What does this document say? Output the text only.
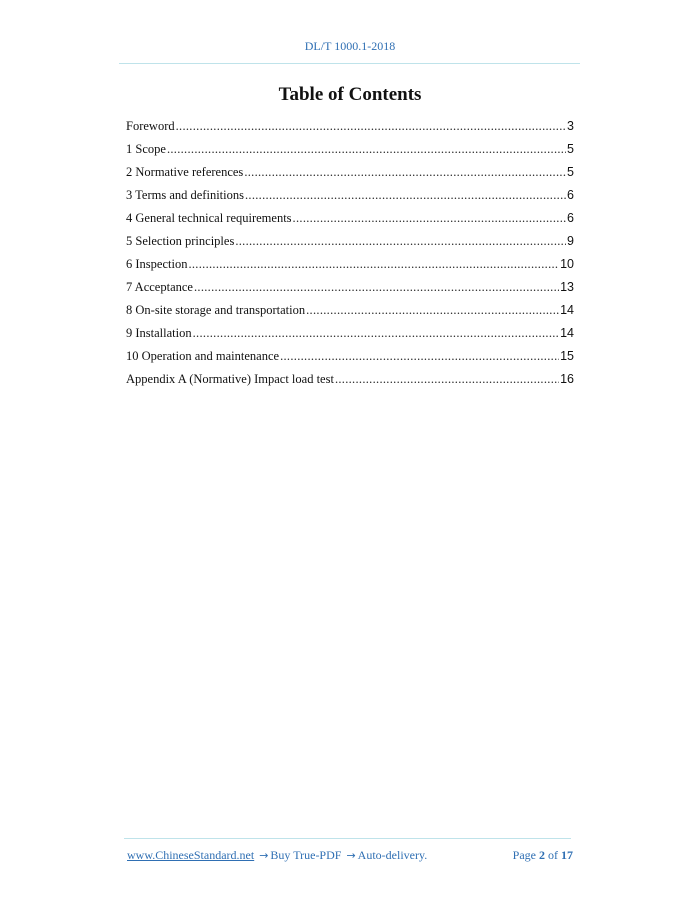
DL/T 1000.1-2018
Table of Contents
Foreword .....	3
1 Scope .....	5
2 Normative references .....	5
3 Terms and definitions .....	6
4 General technical requirements .....	6
5 Selection principles .....	9
6 Inspection .....	10
7 Acceptance .....	13
8 On-site storage and transportation .....	14
9 Installation .....	14
10 Operation and maintenance .....	15
Appendix A (Normative) Impact load test .....	16
www.ChineseStandard.net → Buy True-PDF → Auto-delivery.	Page 2 of 17
